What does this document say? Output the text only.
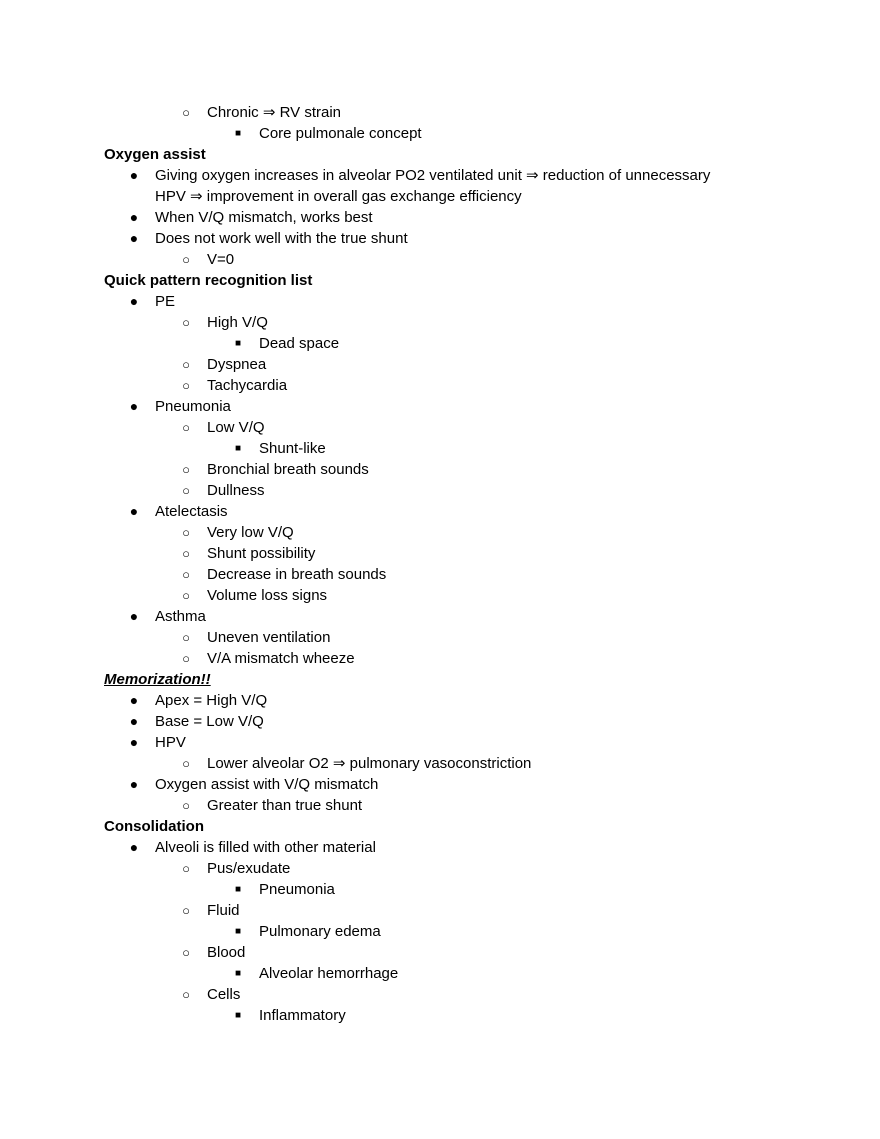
○ Chronic ⇒ RV strain
■ Core pulmonale concept
Oxygen assist
● Giving oxygen increases in alveolar PO2 ventilated unit ⇒ reduction of unnecessary
HPV ⇒ improvement in overall gas exchange efficiency
● When V/Q mismatch, works best
● Does not work well with the true shunt
○ V=0
Quick pattern recognition list
● PE
○ High V/Q
■ Dead space
○ Dyspnea
○ Tachycardia
● Pneumonia
○ Low V/Q
■ Shunt-like
○ Bronchial breath sounds
○ Dullness
● Atelectasis
○ Very low V/Q
○ Shunt possibility
○ Decrease in breath sounds
○ Volume loss signs
● Asthma
○ Uneven ventilation
○ V/A mismatch wheeze
Memorization!!
● Apex = High V/Q
● Base = Low V/Q
● HPV
○ Lower alveolar O2 ⇒ pulmonary vasoconstriction
● Oxygen assist with V/Q mismatch
○ Greater than true shunt
Consolidation
● Alveoli is filled with other material
○ Pus/exudate
■ Pneumonia
○ Fluid
■ Pulmonary edema
○ Blood
■ Alveolar hemorrhage
○ Cells
■ Inflammatory
